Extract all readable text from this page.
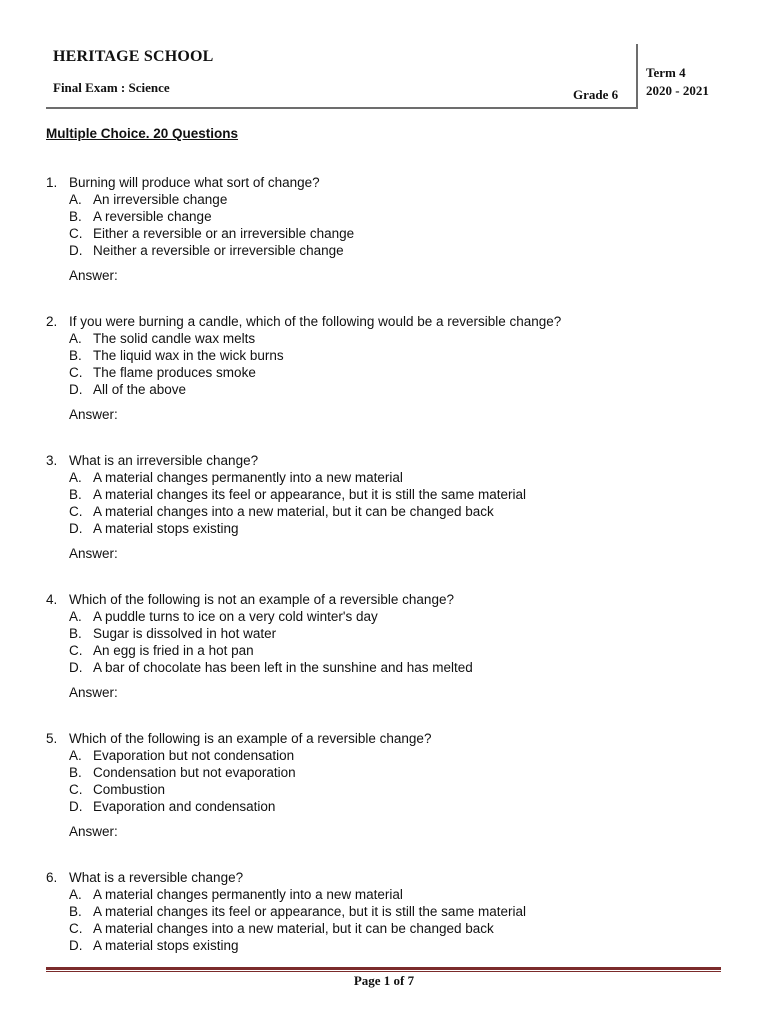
HERITAGE SCHOOL
Final Exam : Science	Grade 6
Term 4
2020 - 2021
Multiple Choice. 20 Questions
1. Burning will produce what sort of change?
A. An irreversible change
B. A reversible change
C. Either a reversible or an irreversible change
D. Neither a reversible or irreversible change
Answer:
2. If you were burning a candle, which of the following would be a reversible change?
A. The solid candle wax melts
B. The liquid wax in the wick burns
C. The flame produces smoke
D. All of the above
Answer:
3. What is an irreversible change?
A. A material changes permanently into a new material
B. A material changes its feel or appearance, but it is still the same material
C. A material changes into a new material, but it can be changed back
D. A material stops existing
Answer:
4. Which of the following is not an example of a reversible change?
A. A puddle turns to ice on a very cold winter's day
B. Sugar is dissolved in hot water
C. An egg is fried in a hot pan
D. A bar of chocolate has been left in the sunshine and has melted
Answer:
5. Which of the following is an example of a reversible change?
A. Evaporation but not condensation
B. Condensation but not evaporation
C. Combustion
D. Evaporation and condensation
Answer:
6. What is a reversible change?
A. A material changes permanently into a new material
B. A material changes its feel or appearance, but it is still the same material
C. A material changes into a new material, but it can be changed back
D. A material stops existing
Page 1 of 7
